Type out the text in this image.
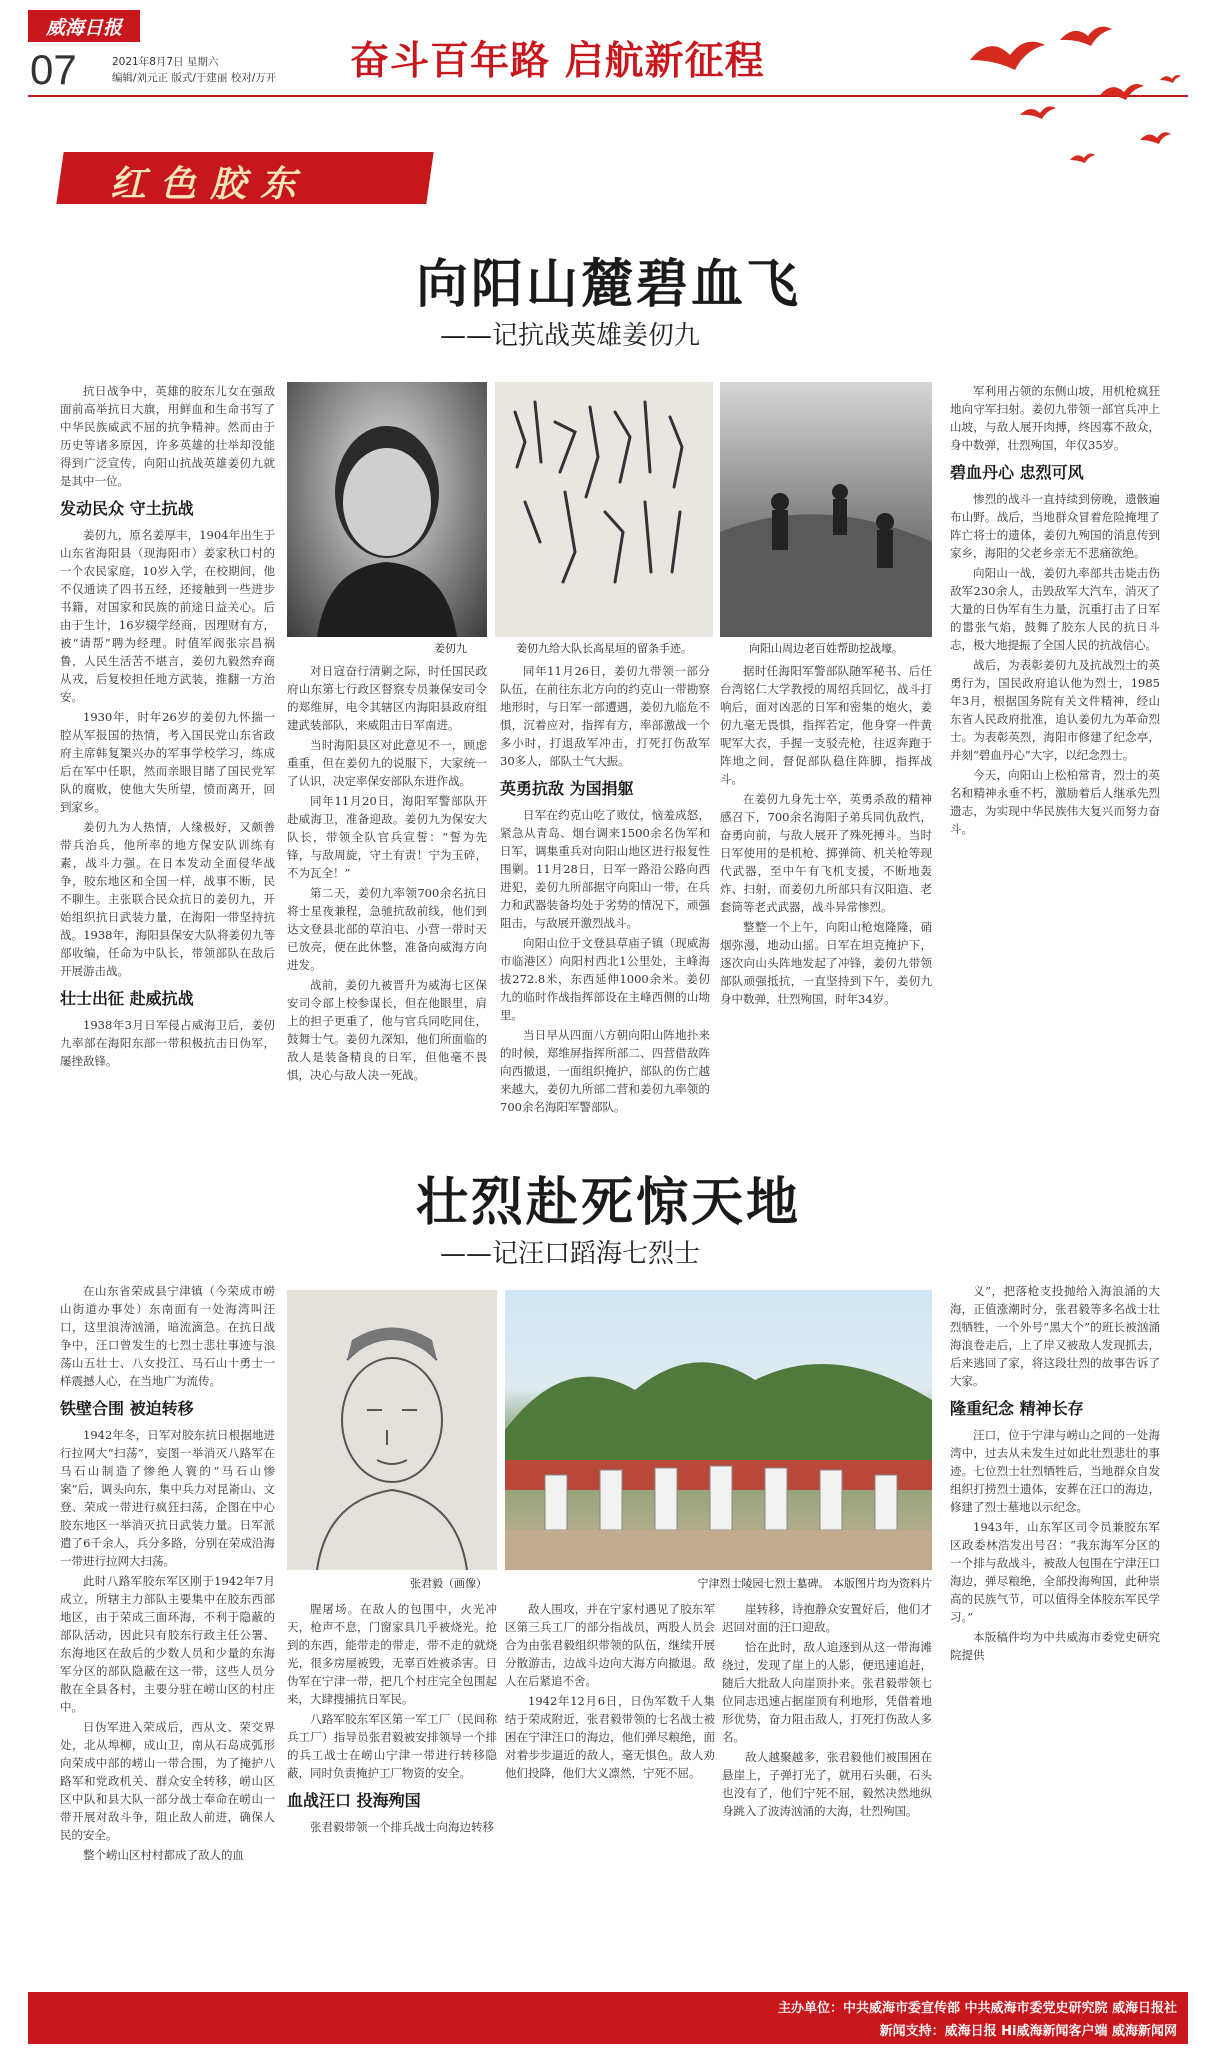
威海日报
07	2021年8月7日 星期六
编辑/刘元正 版式/于建丽 校对/万开 奋斗百年路 启航新征程
红色胶东
向阳山麓碧血飞
——记抗战英雄姜仞九

抗日战争中，英雄的胶东儿女在强敌面前高举抗日大旗，用鲜血和生命书写了中华民族威武不屈的抗争精神。然而由于历史等诸多原因，许多英雄的壮举却没能得到广泛宣传，向阳山抗战英雄姜仞九就是其中一位。

发动民众 守土抗战

姜仞九，原名姜厚丰，1904年出生于山东省海阳县（现海阳市）姜家秋口村的一个农民家庭，10岁入学，在校期间，他不仅通读了四书五经，还接触到一些进步书籍，对国家和民族的前途日益关心。后由于生计，16岁辍学经商，因理财有方，被“请帮”聘为经理。时值军阀张宗昌祸鲁，人民生活苦不堪言，姜仞九毅然弃商从戎，后复校担任地方武装，推翻一方治安。

1930年，时年26岁的姜仞九怀揣一腔从军报国的热情，考入国民党山东省政府主席韩复榘兴办的军事学校学习，练成后在军中任职，然而亲眼目睹了国民党军队的腐败，使他大失所望，愤而离开，回到家乡。

姜仞九为人热情，人缘极好，又颇善带兵治兵，他所率的地方保安队训练有素，战斗力强。在日本发动全面侵华战争，胶东地区和全国一样，战事不断，民不聊生。主张联合民众抗日的姜仞九，开始组织抗日武装力量，在海阳一带坚持抗战。1938年，海阳县保安大队将姜仞九等部收编，任命为中队长，带领部队在敌后开展游击战。

壮士出征 赴威抗战

1938年3月日军侵占威海卫后，姜仞九率部在海阳东部一带积极抗击日伪军，屡挫敌锋。

姜仞九	姜仞九给大队长高星垣的留条手迹。	向阳山周边老百姓帮助挖战壕。

对日寇奋行清剿之际，时任国民政府山东第七行政区督察专员兼保安司令的郑维屏，电令其辖区内海阳县政府组建武装部队，来威阻击日军南进。

当时海阳县区对此意见不一，顾虑重重，但在姜仞九的说服下，大家统一了认识，决定率保安部队东进作战。

同年11月20日，海阳军警部队开赴威海卫，准备迎敌。姜仞九为保安大队长，带领全队官兵宣誓：“誓为先锋，与敌周旋，守土有责！宁为玉碎，不为瓦全！”

第二天，姜仞九率领700余名抗日将士星夜兼程，急驰抗敌前线，他们到达文登县北部的草泊屯、小营一带时天已放亮，便在此休整，准备向威海方向进发。

战前，姜仞九被晋升为威海七区保安司令部上校参谋长，但在他眼里，肩上的担子更重了，他与官兵同吃同住，鼓舞士气。姜仞九深知，他们所面临的敌人是装备精良的日军，但他毫不畏惧，决心与敌人决一死战。

同年11月26日，姜仞九带领一部分队伍，在前往东北方向的约克山一带勘察地形时，与日军一部遭遇，姜仞九临危不惧，沉着应对，指挥有方，率部激战一个多小时，打退敌军冲击，打死打伤敌军30多人，部队士气大振。

英勇抗敌 为国捐躯

日军在约克山吃了败仗，恼羞成怒，紧急从青岛、烟台调来1500余名伪军和日军，调集重兵对向阳山地区进行报复性围剿。11月28日，日军一路沿公路向西进犯，姜仞九所部据守向阳山一带，在兵力和武器装备均处于劣势的情况下，顽强阻击，与敌展开激烈战斗。

向阳山位于文登县草庙子镇（现威海市临港区）向阳村西北1公里处，主峰海拔272.8米，东西延伸1000余米。姜仞九的临时作战指挥部设在主峰西侧的山坳里。

当日早从四面八方朝向阳山阵地扑来的时候，郑维屏指挥所部二、四营借敌阵向西撤退，一面组织掩护，部队的伤亡越来越大，姜仞九所部二营和姜仞九率领的700余名海阳军警部队。

据时任海阳军警部队随军秘书、后任台湾铭仁大学教授的周绍兵回忆，战斗打响后，面对凶恶的日军和密集的炮火，姜仞九毫无畏惧，指挥若定，他身穿一件黄呢军大衣，手握一支驳壳枪，往返奔跑于阵地之间，督促部队稳住阵脚，指挥战斗。

在姜仞九身先士卒，英勇杀敌的精神感召下，700余名海阳子弟兵同仇敌忾，奋勇向前，与敌人展开了殊死搏斗。当时日军使用的是机枪、掷弹筒、机关枪等现代武器，至中午有飞机支援，不断地轰炸、扫射，而姜仞九所部只有汉阳造、老套筒等老式武器，战斗异常惨烈。

整整一个上午，向阳山枪炮隆隆，硝烟弥漫，地动山摇。日军在坦克掩护下，逐次向山头阵地发起了冲锋，姜仞九带领部队顽强抵抗，一直坚持到下午，姜仞九身中数弹，壮烈殉国，时年34岁。

军利用占领的东侧山坡，用机枪疯狂地向守军扫射。姜仞九带领一部官兵冲上山坡，与敌人展开肉搏，终因寡不敌众，身中数弹，壮烈殉国，年仅35岁。

碧血丹心 忠烈可风

惨烈的战斗一直持续到傍晚，遗骸遍布山野。战后，当地群众冒着危险掩埋了阵亡将士的遗体，姜仞九殉国的消息传到家乡，海阳的父老乡亲无不悲痛欲绝。

向阳山一战，姜仞九率部共击毙击伤敌军230余人，击毁敌军大汽车，消灭了大量的日伪军有生力量，沉重打击了日军的嚣张气焰，鼓舞了胶东人民的抗日斗志，极大地提振了全国人民的抗战信心。

战后，为表彰姜仞九及抗战烈士的英勇行为，国民政府追认他为烈士，1985年3月，根据国务院有关文件精神，经山东省人民政府批准，追认姜仞九为革命烈士。为表彰英烈，海阳市修建了纪念亭，并刻“碧血丹心”大字，以纪念烈士。

今天，向阳山上松柏常青，烈士的英名和精神永垂不朽，激励着后人继承先烈遗志，为实现中华民族伟大复兴而努力奋斗。

壮烈赴死惊天地
——记汪口蹈海七烈士

在山东省荣成县宁津镇（今荣成市崂山街道办事处）东南面有一处海湾叫汪口，这里浪涛汹涌，暗流滴急。在抗日战争中，汪口曾发生的七烈士悲壮事迹与浪荡山五壮士、八女投江、马石山十勇士一样震撼人心，在当地广为流传。

铁壁合围 被迫转移

1942年冬，日军对胶东抗日根据地进行拉网大“扫荡”，妄图一举消灭八路军在马石山制造了惨绝人寰的“马石山惨案”后，调头向东，集中兵力对昆嵛山、文登、荣成一带进行疯狂扫荡，企图在中心胶东地区一举消灭抗日武装力量。日军派遣了6千余人，兵分多路，分别在荣成沿海一带进行拉网大扫荡。

此时八路军胶东军区刚于1942年7月成立，所辖主力部队主要集中在胶东西部地区，由于荣成三面环海，不利于隐蔽的部队活动，因此只有胶东行政主任公署、东海地区在敌后的少数人员和少量的东海军分区的部队隐蔽在这一带，这些人员分散在全县各村，主要分驻在崂山区的村庄中。

日伪军进入荣成后，西从文、荣交界处，北从埠柳，成山卫，南从石岛成弧形向荣成中部的崂山一带合围，为了掩护八路军和党政机关、群众安全转移，崂山区区中队和县大队一部分战士奉命在崂山一带开展对敌斗争，阻止敌人前进，确保人民的安全。

整个崂山区村村都成了敌人的血

张君毅（画像）	宁津烈士陵园七烈士墓碑。 本版图片均为资料片

腥屠场。在敌人的包围中，火光冲天，枪声不息，门窗家具几乎被烧光。抢到的东西，能带走的带走，带不走的就烧光，很多房屋被毁，无辜百姓被杀害。日伪军在宁津一带，把几个村庄完全包围起来，大肆搜捕抗日军民。

八路军胶东军区第一军工厂（民间称兵工厂）指导员张君毅被安排领导一个排的兵工战士在崂山宁津一带进行转移隐蔽，同时负责掩护工厂物资的安全。

血战汪口 投海殉国

张君毅带领一个排兵战士向海边转移

敌人围攻，并在宁家村遇见了胶东军区第三兵工厂的部分指战员，两股人员会合为由张君毅组织带领的队伍，继续开展分散游击，边战斗边向大海方向撤退。敌人在后紧追不舍。

1942年12月6日，日伪军数千人集结于荣成附近，张君毅带领的七名战士被困在宁津汪口的海边，他们弹尽粮绝，面对着步步逼近的敌人，毫无惧色。敌人劝他们投降，他们大义凛然，宁死不屈。

崖转移，诗抱静众安置好后，他们才迟回对面的汪口迎敌。

恰在此时，敌人追逐到从这一带海滩绕过，发现了崖上的人影，便迅速追赶，随后大批敌人向崖顶扑来。张君毅带领七位同志迅速占据崖顶有利地形，凭借着地形优势，奋力阻击敌人，打死打伤敌人多名。

敌人越聚越多，张君毅他们被围困在悬崖上，子弹打光了，就用石头砸，石头也没有了，他们宁死不屈，毅然决然地纵身跳入了波涛汹涌的大海，壮烈殉国。

义”，把落枪支投抛给入海浪涌的大海，正值涨潮时分，张君毅等多名战士壮烈牺牲，一个外号“黑大个”的班长被汹涌海浪卷走后，上了岸又被敌人发现抓去，后来逃回了家，将这段壮烈的故事告诉了大家。

隆重纪念 精神长存

汪口，位于宁津与崂山之间的一处海湾中，过去从未发生过如此壮烈悲壮的事迹。七位烈士壮烈牺牲后，当地群众自发组织打捞烈士遗体，安葬在汪口的海边，修建了烈士墓地以示纪念。

1943年，山东军区司令员兼胶东军区政委林浩发出号召：“我东海军分区的一个排与敌战斗，被敌人包围在宁津汪口海边，弹尽粮绝，全部投海殉国，此种崇高的民族气节，可以值得全体胶东军民学习。”

本版稿件均为中共威海市委党史研究院提供

主办单位：中共威海市委宣传部 中共威海市委党史研究院 威海日报社
新闻支持：威海日报 Hi威海新闻客户端 威海新闻网
